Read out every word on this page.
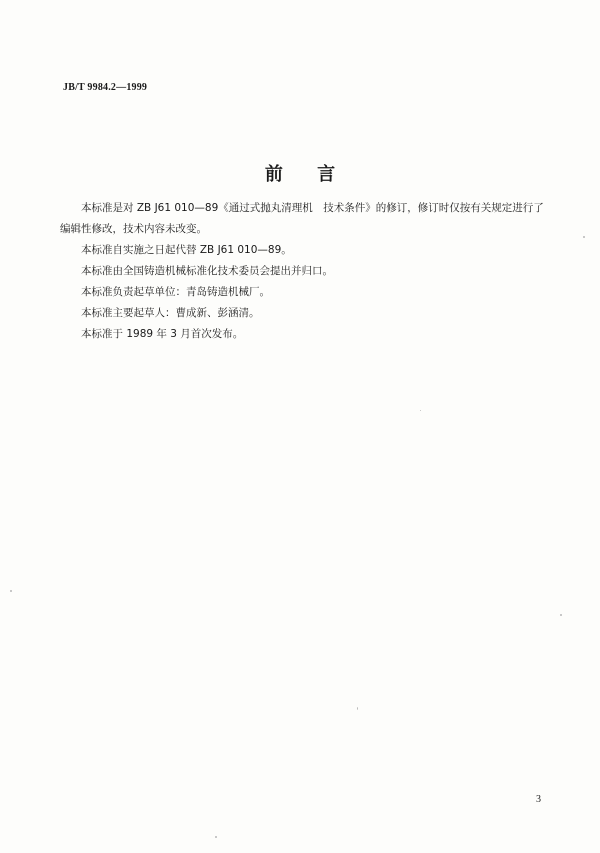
JB/T 9984.2—1999
前 言

本标准是对 ZB J61 010—89《通过式抛丸清理机　技术条件》的修订，修订时仅按有关规定进行了编辑性修改，技术内容未改变。

本标准自实施之日起代替 ZB J61 010—89。

本标准由全国铸造机械标准化技术委员会提出并归口。

本标准负责起草单位：青岛铸造机械厂。

本标准主要起草人：曹成新、彭涵清。

本标准于 1989 年 3 月首次发布。

3
